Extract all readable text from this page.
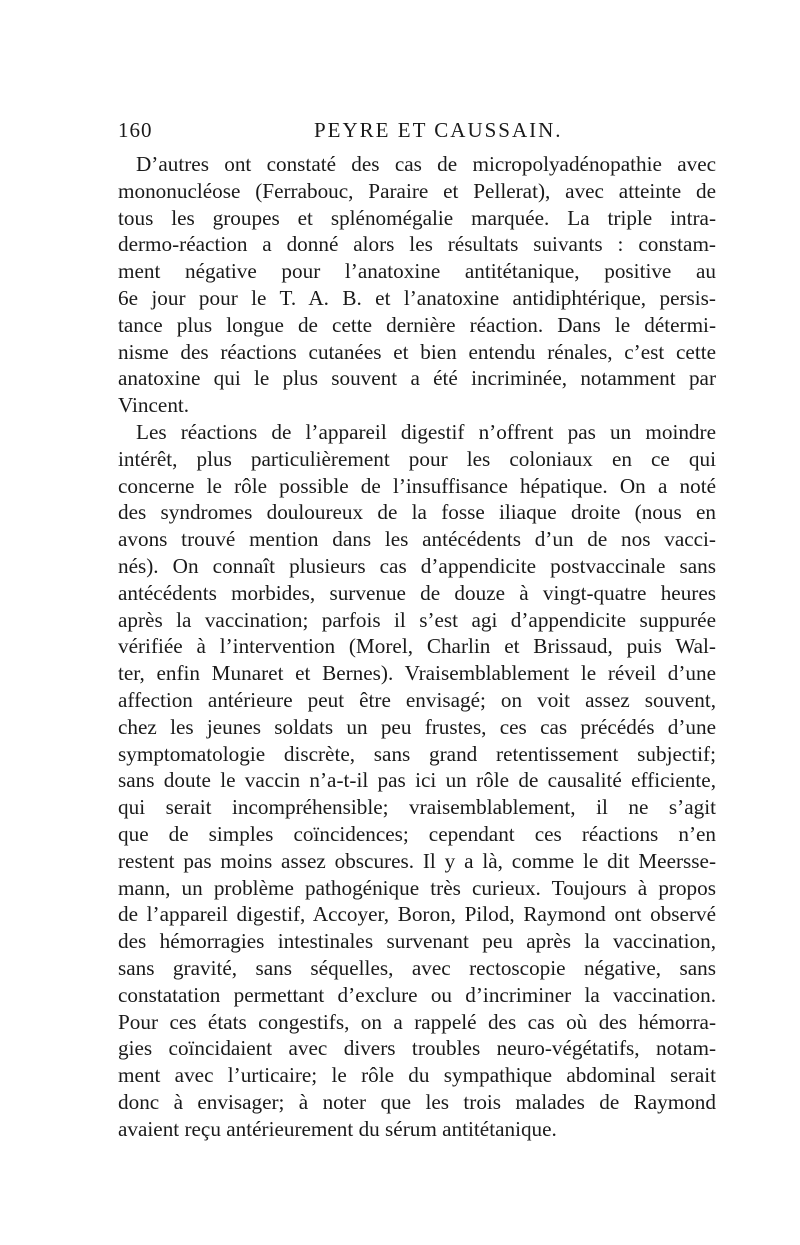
160	PEYRE ET CAUSSAIN.
D’autres ont constaté des cas de micropolyadénopathie avec
mononucléose (Ferrabouc, Paraire et Pellerat), avec atteinte de
tous les groupes et splénomégalie marquée. La triple intra-
dermo-réaction a donné alors les résultats suivants : constam-
ment négative pour l’anatoxine antitétanique, positive au
6e jour pour le T. A. B. et l’anatoxine antidiphtérique, persis-
tance plus longue de cette dernière réaction. Dans le détermi-
nisme des réactions cutanées et bien entendu rénales, c’est cette
anatoxine qui le plus souvent a été incriminée, notamment par
Vincent.
Les réactions de l’appareil digestif n’offrent pas un moindre
intérêt, plus particulièrement pour les coloniaux en ce qui
concerne le rôle possible de l’insuffisance hépatique. On a noté
des syndromes douloureux de la fosse iliaque droite (nous en
avons trouvé mention dans les antécédents d’un de nos vacci-
nés). On connaît plusieurs cas d’appendicite postvaccinale sans
antécédents morbides, survenue de douze à vingt-quatre heures
après la vaccination; parfois il s’est agi d’appendicite suppurée
vérifiée à l’intervention (Morel, Charlin et Brissaud, puis Wal-
ter, enfin Munaret et Bernes). Vraisemblablement le réveil d’une
affection antérieure peut être envisagé; on voit assez souvent,
chez les jeunes soldats un peu frustes, ces cas précédés d’une
symptomatologie discrète, sans grand retentissement subjectif;
sans doute le vaccin n’a-t-il pas ici un rôle de causalité efficiente,
qui serait incompréhensible; vraisemblablement, il ne s’agit
que de simples coïncidences; cependant ces réactions n’en
restent pas moins assez obscures. Il y a là, comme le dit Meersse-
mann, un problème pathogénique très curieux. Toujours à propos
de l’appareil digestif, Accoyer, Boron, Pilod, Raymond ont observé
des hémorragies intestinales survenant peu après la vaccination,
sans gravité, sans séquelles, avec rectoscopie négative, sans
constatation permettant d’exclure ou d’incriminer la vaccination.
Pour ces états congestifs, on a rappelé des cas où des hémorra-
gies coïncidaient avec divers troubles neuro-végétatifs, notam-
ment avec l’urticaire; le rôle du sympathique abdominal serait
donc à envisager; à noter que les trois malades de Raymond
avaient reçu antérieurement du sérum antitétanique.
